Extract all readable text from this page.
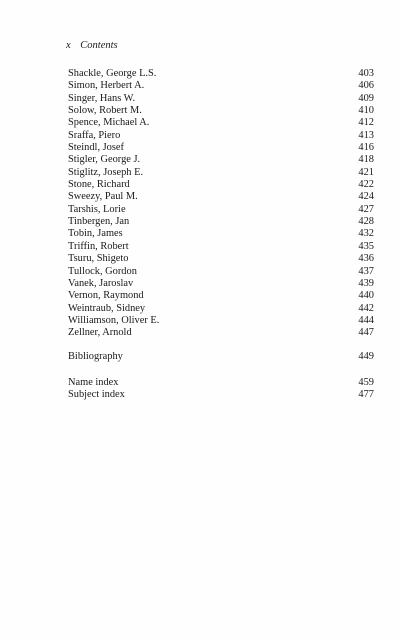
x Contents
Shackle, George L.S.	403
Simon, Herbert A.	406
Singer, Hans W.	409
Solow, Robert M.	410
Spence, Michael A.	412
Sraffa, Piero	413
Steindl, Josef	416
Stigler, George J.	418
Stiglitz, Joseph E.	421
Stone, Richard	422
Sweezy, Paul M.	424
Tarshis, Lorie	427
Tinbergen, Jan	428
Tobin, James	432
Triffin, Robert	435
Tsuru, Shigeto	436
Tullock, Gordon	437
Vanek, Jaroslav	439
Vernon, Raymond	440
Weintraub, Sidney	442
Williamson, Oliver E.	444
Zellner, Arnold	447
Bibliography	449
Name index	459
Subject index	477
